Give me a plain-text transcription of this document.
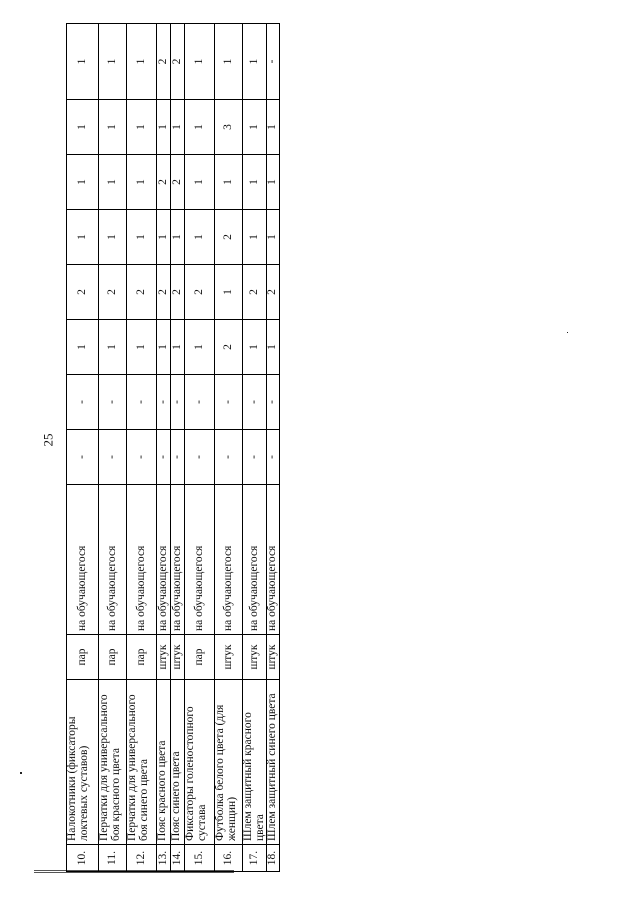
25
10.	Налокотники (фиксаторы локтевых суставов)	пар	на обучающегося	-	-	1	2	1	1	1	1
11.	Перчатки для универсального боя красного цвета	пар	на обучающегося	-	-	1	2	1	1	1	1
12.	Перчатки для универсального боя синего цвета	пар	на обучающегося	-	-	1	2	1	1	1	1
13.	Пояс красного цвета	штук	на обучающегося	-	-	1	2	1	2	1	2
14.	Пояс синего цвета	штук	на обучающегося	-	-	1	2	1	2	1	2
15.	Фиксаторы голеностопного сустава	пар	на обучающегося	-	-	1	2	1	1	1	1
16.	Футболка белого цвета (для женщин)	штук	на обучающегося	-	-	2	1	2	1	3	1
17.	Шлем защитный красного цвета	штук	на обучающегося	-	-	1	2	1	1	1	1
18.	Шлем защитный синего цвета	штук	на обучающегося	-	-	1	2	1	1	1	-
